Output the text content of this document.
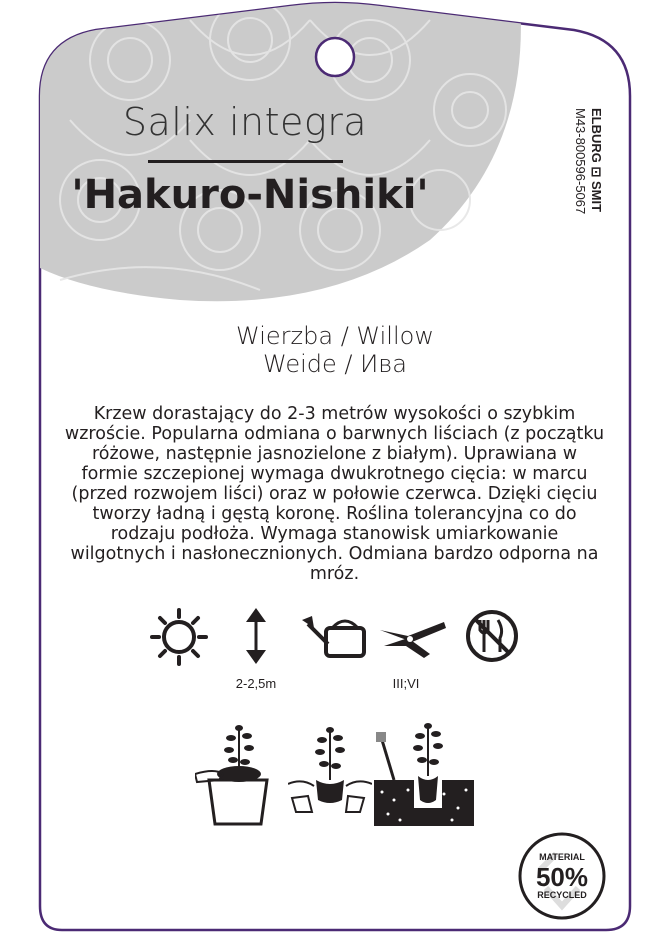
Salix integra
'Hakuro-Nishiki'	ELBURG ⊡ SMIT
M43-800596-5067
Wierzba / Willow
Weide / Ива
Krzew dorastający do 2-3 metrów wysokości o szybkim wzroście. Popularna odmiana o barwnych liściach (z początku różowe, następnie jasnozielone z białym). Uprawiana w formie szczepionej wymaga dwukrotnego cięcia: w marcu (przed rozwojem liści) oraz w połowie czerwca. Dzięki cięciu tworzy ładną i gęstą koronę. Roślina tolerancyjna co do rodzaju podłoża. Wymaga stanowisk umiarkowanie wilgotnych i nasłonecznionych. Odmiana bardzo odporna na mróz.
2-2,5m	III;VI
MATERIAL
50%
RECYCLED
